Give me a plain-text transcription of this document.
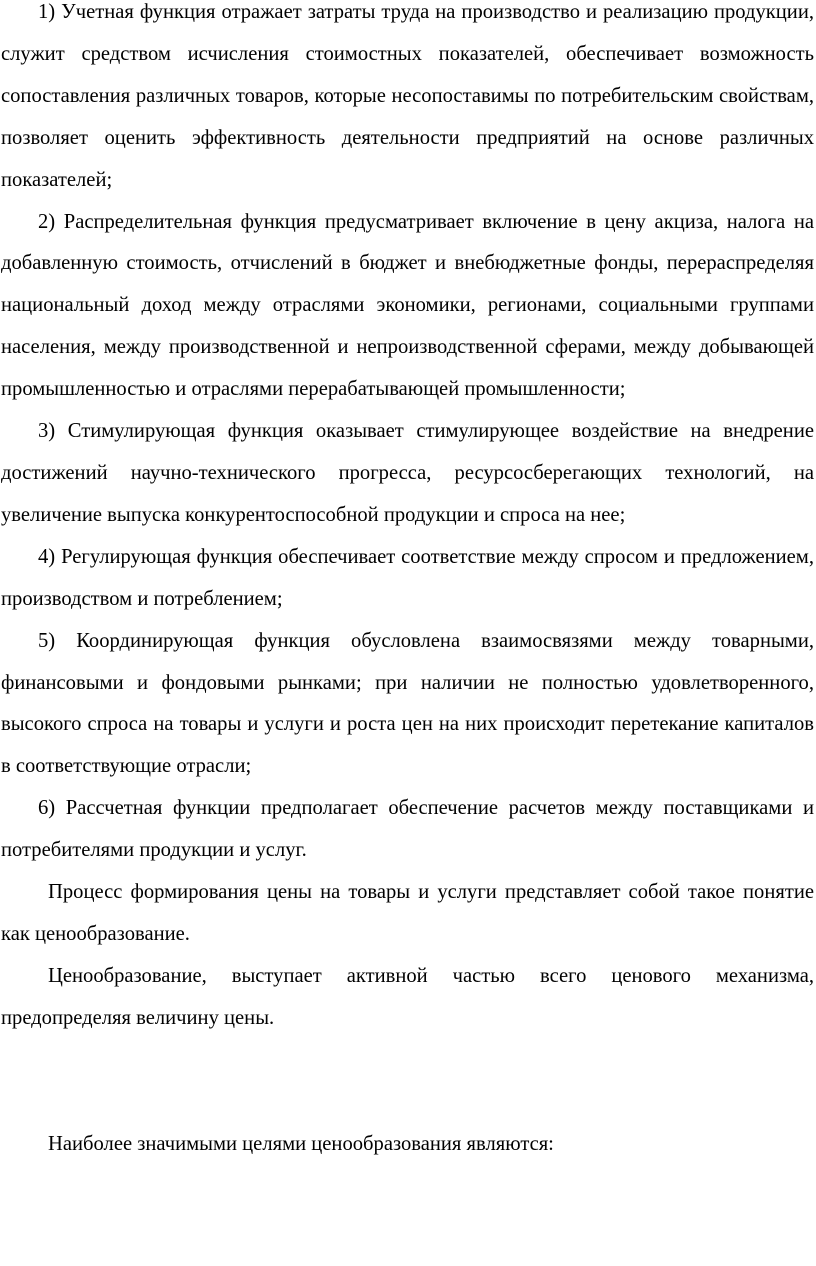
1) Учетная функция отражает затраты труда на производство и реализацию продукции, служит средством исчисления стоимостных показателей, обеспечивает возможность сопоставления различных товаров, которые несопоставимы по потребительским свойствам, позволяет оценить эффективность деятельности предприятий на основе различных показателей;

2) Распределительная функция предусматривает включение в цену акциза, налога на добавленную стоимость, отчислений в бюджет и внебюджетные фонды, перераспределяя национальный доход между отраслями экономики, регионами, социальными группами населения, между производственной и непроизводственной сферами, между добывающей промышленностью и отраслями перерабатывающей промышленности;

3) Стимулирующая функция оказывает стимулирующее воздействие на внедрение достижений научно-технического прогресса, ресурсосберегающих технологий, на увеличение выпуска конкурентоспособной продукции и спроса на нее;

4) Регулирующая функция обеспечивает соответствие между спросом и предложением, производством и потреблением;

5) Координирующая функция обусловлена взаимосвязями между товарными, финансовыми и фондовыми рынками; при наличии не полностью удовлетворенного, высокого спроса на товары и услуги и роста цен на них происходит перетекание капиталов в соответствующие отрасли;

6) Рассчетная функции предполагает обеспечение расчетов между поставщиками и потребителями продукции и услуг.

Процесс формирования цены на товары и услуги представляет собой такое понятие как ценообразование.

Ценообразование, выступает активной частью всего ценового механизма, предопределяя величину цены.

Наиболее значимыми целями ценообразования являются:
